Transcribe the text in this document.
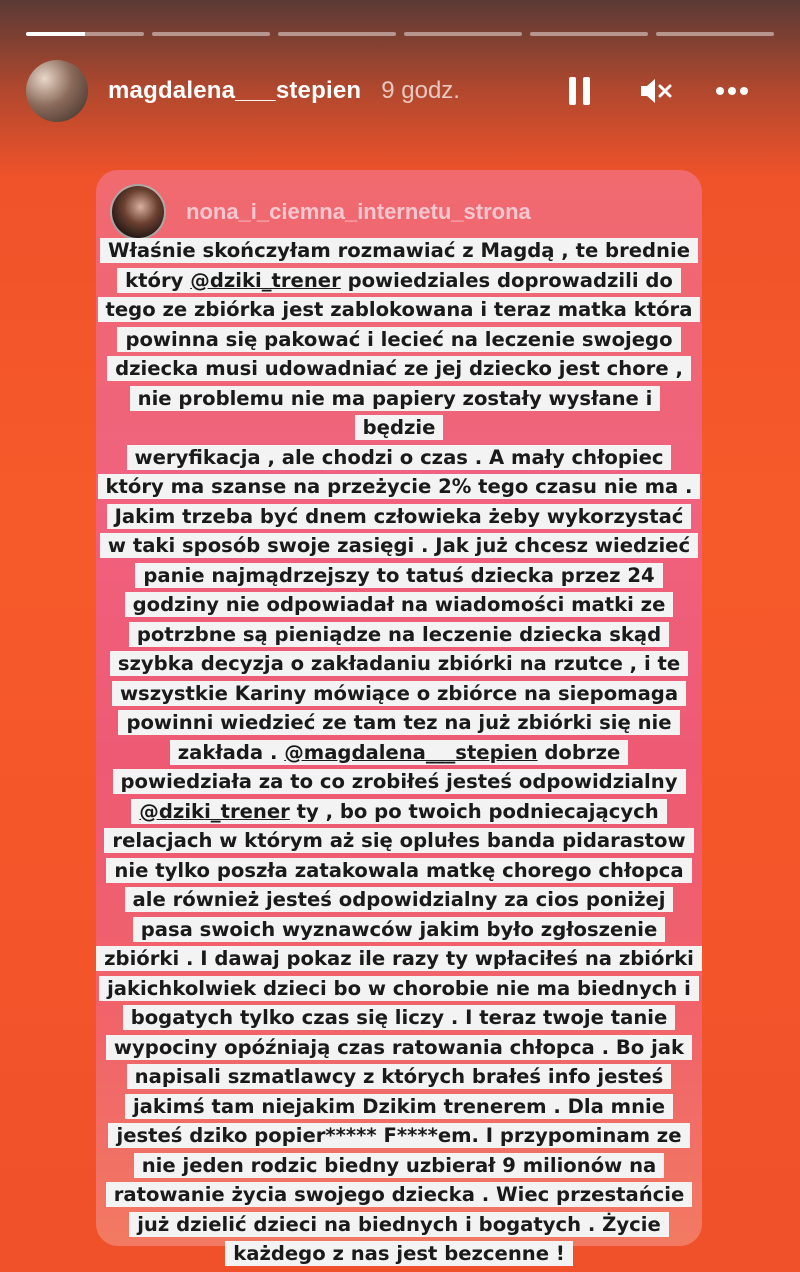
magdalena___stepien 9 godz.
nona_i_ciemna_internetu_strona
Właśnie skończyłam rozmawiać z Magdą , te brednie
który @dziki_trener powiedziales doprowadzili do
tego ze zbiórka jest zablokowana i teraz matka która
powinna się pakować i lecieć na leczenie swojego
dziecka musi udowadniać ze jej dziecko jest chore ,
nie problemu nie ma papiery zostały wysłane i będzie
weryfikacja , ale chodzi o czas . A mały chłopiec
który ma szanse na przeżycie 2% tego czasu nie ma .
Jakim trzeba być dnem człowieka żeby wykorzystać
w taki sposób swoje zasięgi . Jak już chcesz wiedzieć
panie najmądrzejszy to tatuś dziecka przez 24
godziny nie odpowiadał na wiadomości matki ze
potrzbne są pieniądze na leczenie dziecka skąd
szybka decyzja o zakładaniu zbiórki na rzutce , i te
wszystkie Kariny mówiące o zbiórce na siepomaga
powinni wiedzieć ze tam tez na już zbiórki się nie
zakłada . @magdalena___stepien dobrze
powiedziała za to co zrobiłeś jesteś odpowidzialny
@dziki_trener ty , bo po twoich podniecających
relacjach w którym aż się oplułes banda pidarastow
nie tylko poszła zatakowala matkę chorego chłopca
ale również jesteś odpowidzialny za cios poniżej
pasa swoich wyznawców jakim było zgłoszenie
zbiórki . I dawaj pokaz ile razy ty wpłaciłeś na zbiórki
jakichkolwiek dzieci bo w chorobie nie ma biednych i
bogatych tylko czas się liczy . I teraz twoje tanie
wypociny opóźniają czas ratowania chłopca . Bo jak
napisali szmatlawcy z których brałeś info jesteś
jakimś tam niejakim Dzikim trenerem . Dla mnie
jesteś dziko popier***** F****em. I przypominam ze
nie jeden rodzic biedny uzbierał 9 milionów na
ratowanie życia swojego dziecka . Wiec przestańcie
już dzielić dzieci na biednych i bogatych . Życie
każdego z nas jest bezcenne !
